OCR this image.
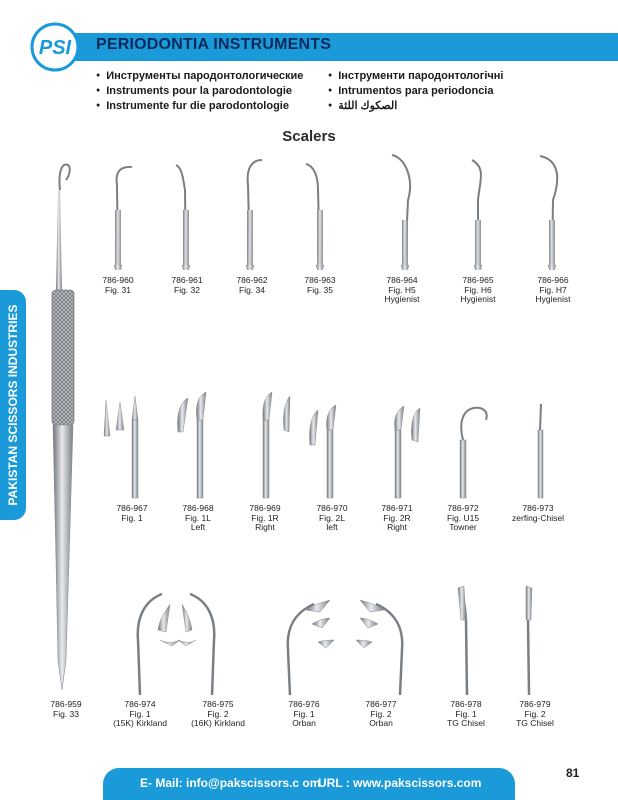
PSI PERIODONTIA INSTRUMENTS
● Инструменты пародонтологические
● Instruments pour la parodontologie
● Instrumente fur die parodontologie
● Інструменти пародонтологічні
● Intrumentos para periodoncia
● الصكوك اللثة
Scalers
PAKISTAN SCISSORS INDUSTRIES
786-959
Fig. 33
786-960
Fig. 31
786-961
Fig. 32
786-962
Fig. 34
786-963
Fig. 35
786-964
Fig. H5
Hygienist
786-965
Fig. H6
Hygienist
786-966
Fig. H7
Hygienist
786-967
Fig. 1
786-968
Fig. 1L
Left
786-969
Fig. 1R
Right
786-970
Fig. 2L
left
786-971
Fig. 2R
Right
786-972
Fig. U15
Towner
786-973
zerfing-Chisel
786-974
Fig. 1
(15K) Kirkland
786-975
Fig. 2
(16K) Kirkland
786-976
Fig. 1
Orban
786-977
Fig. 2
Orban
786-978
Fig. 1
TG Chisel
786-979
Fig. 2
TG Chisel
E- Mail: info@pakscissors.c om
URL : www.pakscissors.com
81
